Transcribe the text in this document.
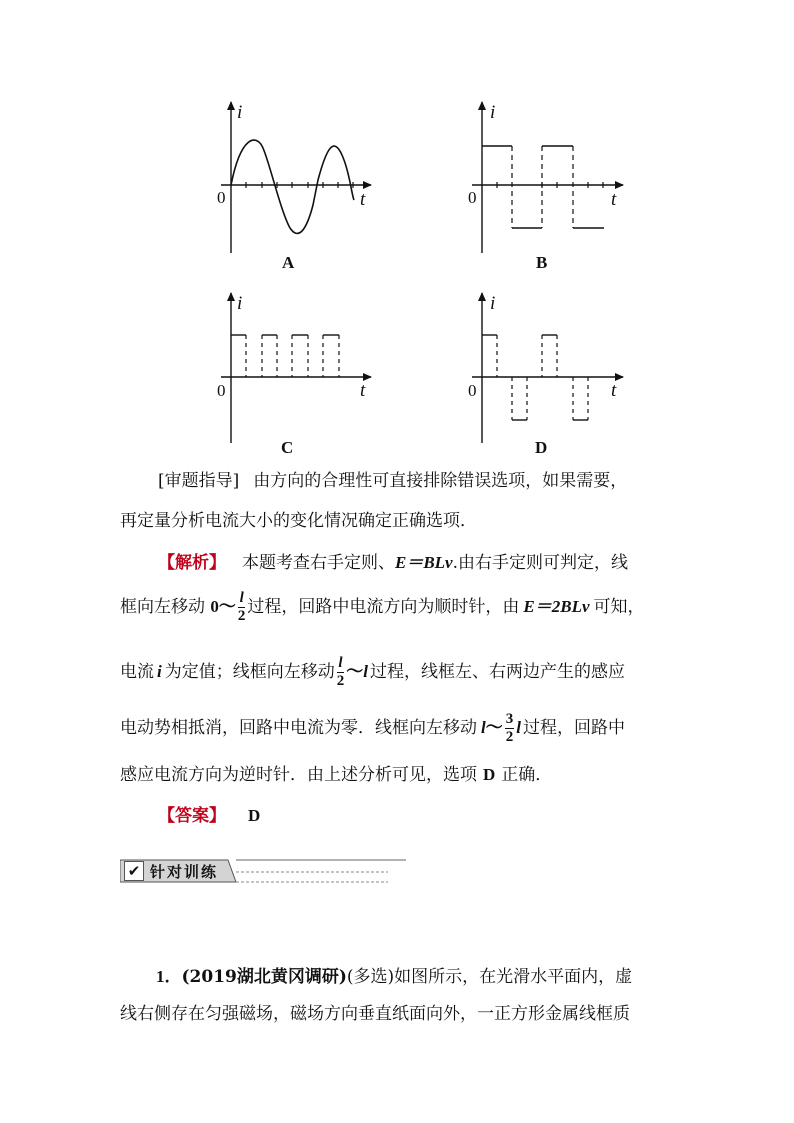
i
t
0
A
i
t
0
B
i
t
0
C
i
t
0
D
[审题指导] 由方向的合理性可直接排除错误选项，如果需要，
再定量分析电流大小的变化情况确定正确选项．
【解析】 本题考查右手定则、E＝BLv.由右手定则可判定，线
框向左移动 0～ $\frac{l}{2}$ 过程，回路中电流方向为顺时针，由 E＝2BLv 可知，
电流 i 为定值；线框向左移动 $\frac{l}{2}$ ～l 过程，线框左、右两边产生的感应
电动势相抵消，回路中电流为零．线框向左移动 l～ $\frac{3}{2}$ l 过程，回路中
感应电流方向为逆时针．由上述分析可见，选项 D 正确．
【答案】 D
✔ 针对训练
1．(2019湖北黄冈调研)(多选)如图所示，在光滑水平面内，虚
线右侧存在匀强磁场，磁场方向垂直纸面向外，一正方形金属线框质
